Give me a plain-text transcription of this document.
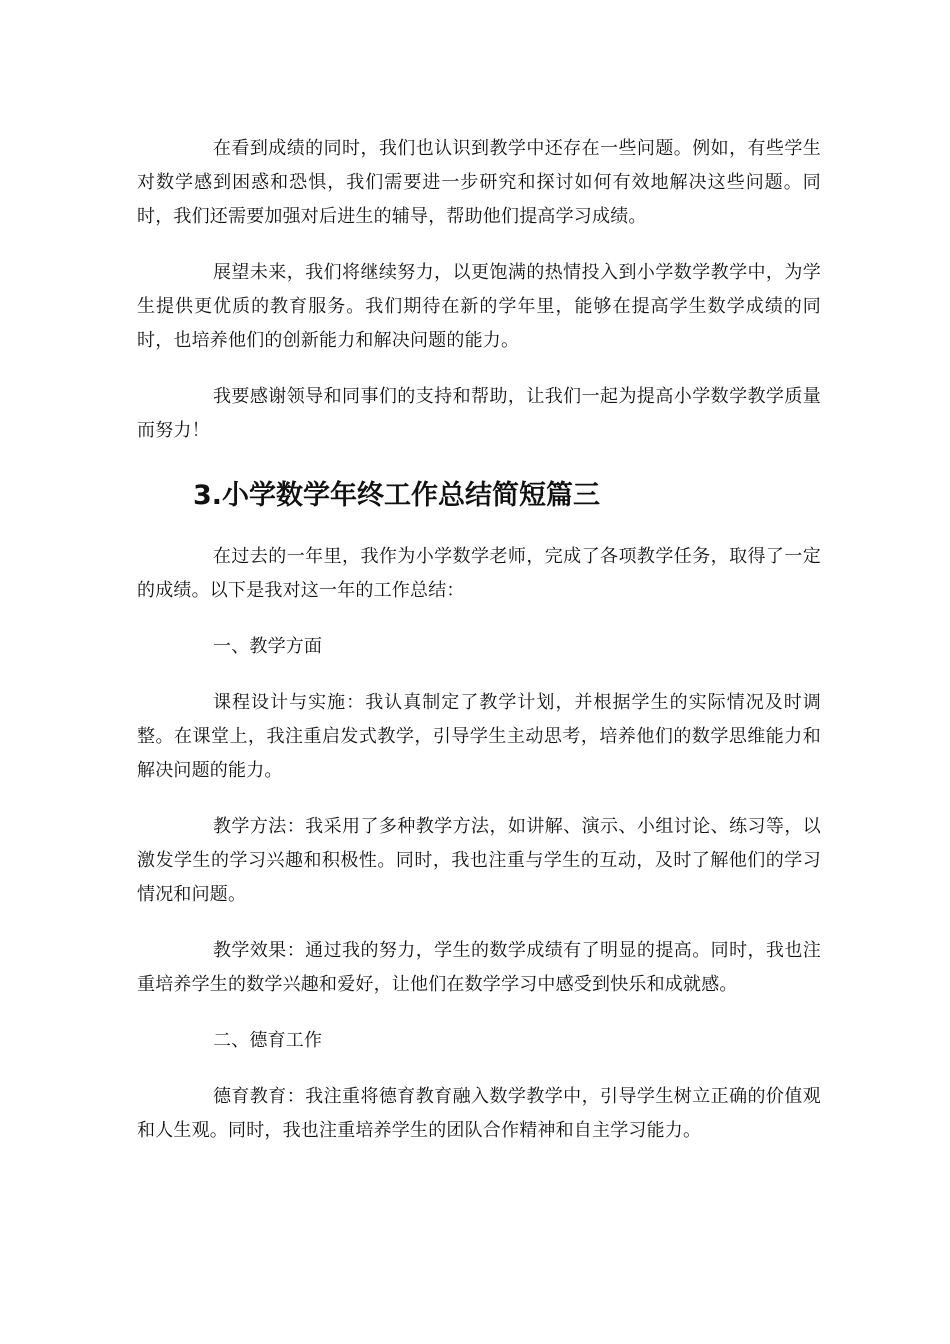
在看到成绩的同时，我们也认识到教学中还存在一些问题。例如，有些学生对数学感到困惑和恐惧，我们需要进一步研究和探讨如何有效地解决这些问题。同时，我们还需要加强对后进生的辅导，帮助他们提高学习成绩。

展望未来，我们将继续努力，以更饱满的热情投入到小学数学教学中，为学生提供更优质的教育服务。我们期待在新的学年里，能够在提高学生数学成绩的同时，也培养他们的创新能力和解决问题的能力。

我要感谢领导和同事们的支持和帮助，让我们一起为提高小学数学教学质量而努力！

3.小学数学年终工作总结简短篇三

在过去的一年里，我作为小学数学老师，完成了各项教学任务，取得了一定的成绩。以下是我对这一年的工作总结：

一、教学方面

课程设计与实施：我认真制定了教学计划，并根据学生的实际情况及时调整。在课堂上，我注重启发式教学，引导学生主动思考，培养他们的数学思维能力和解决问题的能力。

教学方法：我采用了多种教学方法，如讲解、演示、小组讨论、练习等，以激发学生的学习兴趣和积极性。同时，我也注重与学生的互动，及时了解他们的学习情况和问题。

教学效果：通过我的努力，学生的数学成绩有了明显的提高。同时，我也注重培养学生的数学兴趣和爱好，让他们在数学学习中感受到快乐和成就感。

二、德育工作

德育教育：我注重将德育教育融入数学教学中，引导学生树立正确的价值观和人生观。同时，我也注重培养学生的团队合作精神和自主学习能力。
